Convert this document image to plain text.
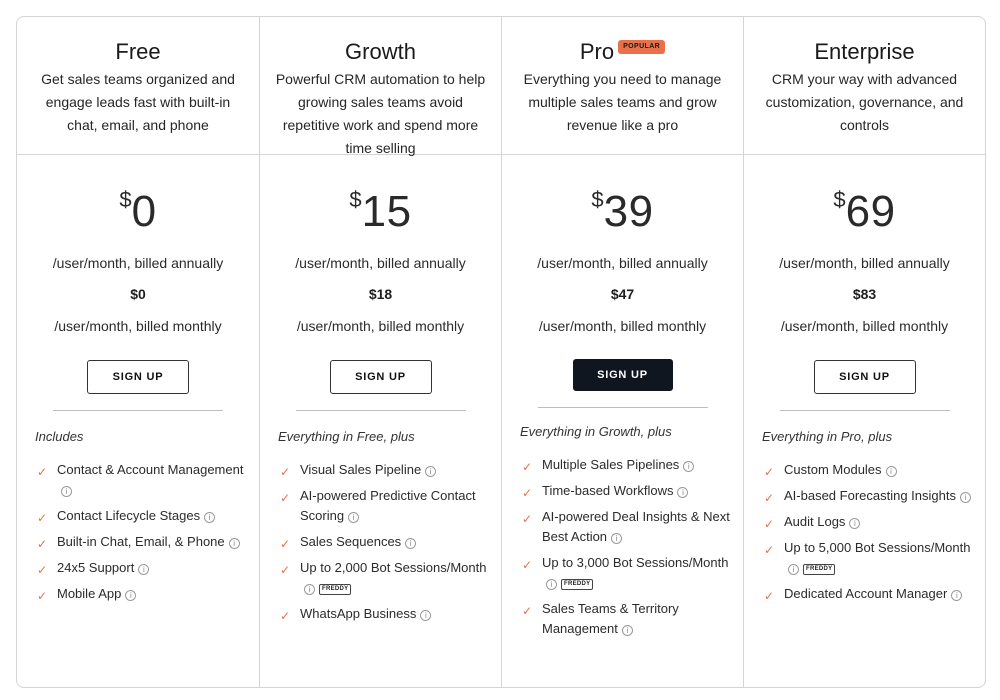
Free
Get sales teams organized and engage leads fast with built-in chat, email, and phone
$0
/user/month, billed annually
$0
/user/month, billed monthly
SIGN UP
Includes
✓ Contact & Account Managementi
✓ Contact Lifecycle Stages i
✓ Built-in Chat, Email, & Phone i
✓ 24x5 Support i
✓ Mobile App i
Growth
Powerful CRM automation to help growing sales teams avoid repetitive work and spend more time selling
$15
/user/month, billed annually
$18
/user/month, billed monthly
SIGN UP
Everything in Free, plus
✓ Visual Sales Pipeline i
✓ AI-powered Predictive Contact Scoring i
✓ Sales Sequences i
✓ Up to 2,000 Bot Sessions/Monthi FREDDY
✓ WhatsApp Business i
Pro	POPULAR
Everything you need to manage multiple sales teams and grow revenue like a pro
$39
/user/month, billed annually
$47
/user/month, billed monthly
SIGN UP
Everything in Growth, plus
✓ Multiple Sales Pipelines i
✓ Time-based Workflows i
✓ AI-powered Deal Insights & Next Best Action i
✓ Up to 3,000 Bot Sessions/Monthi FREDDY
✓ Sales Teams & Territory Management i
Enterprise
CRM your way with advanced customization, governance, and controls
$69
/user/month, billed annually
$83
/user/month, billed monthly
SIGN UP
Everything in Pro, plus
✓ Custom Modules i
✓ AI-based Forecasting Insights i
✓ Audit Logs i
✓ Up to 5,000 Bot Sessions/Monthi FREDDY
✓ Dedicated Account Manager i
